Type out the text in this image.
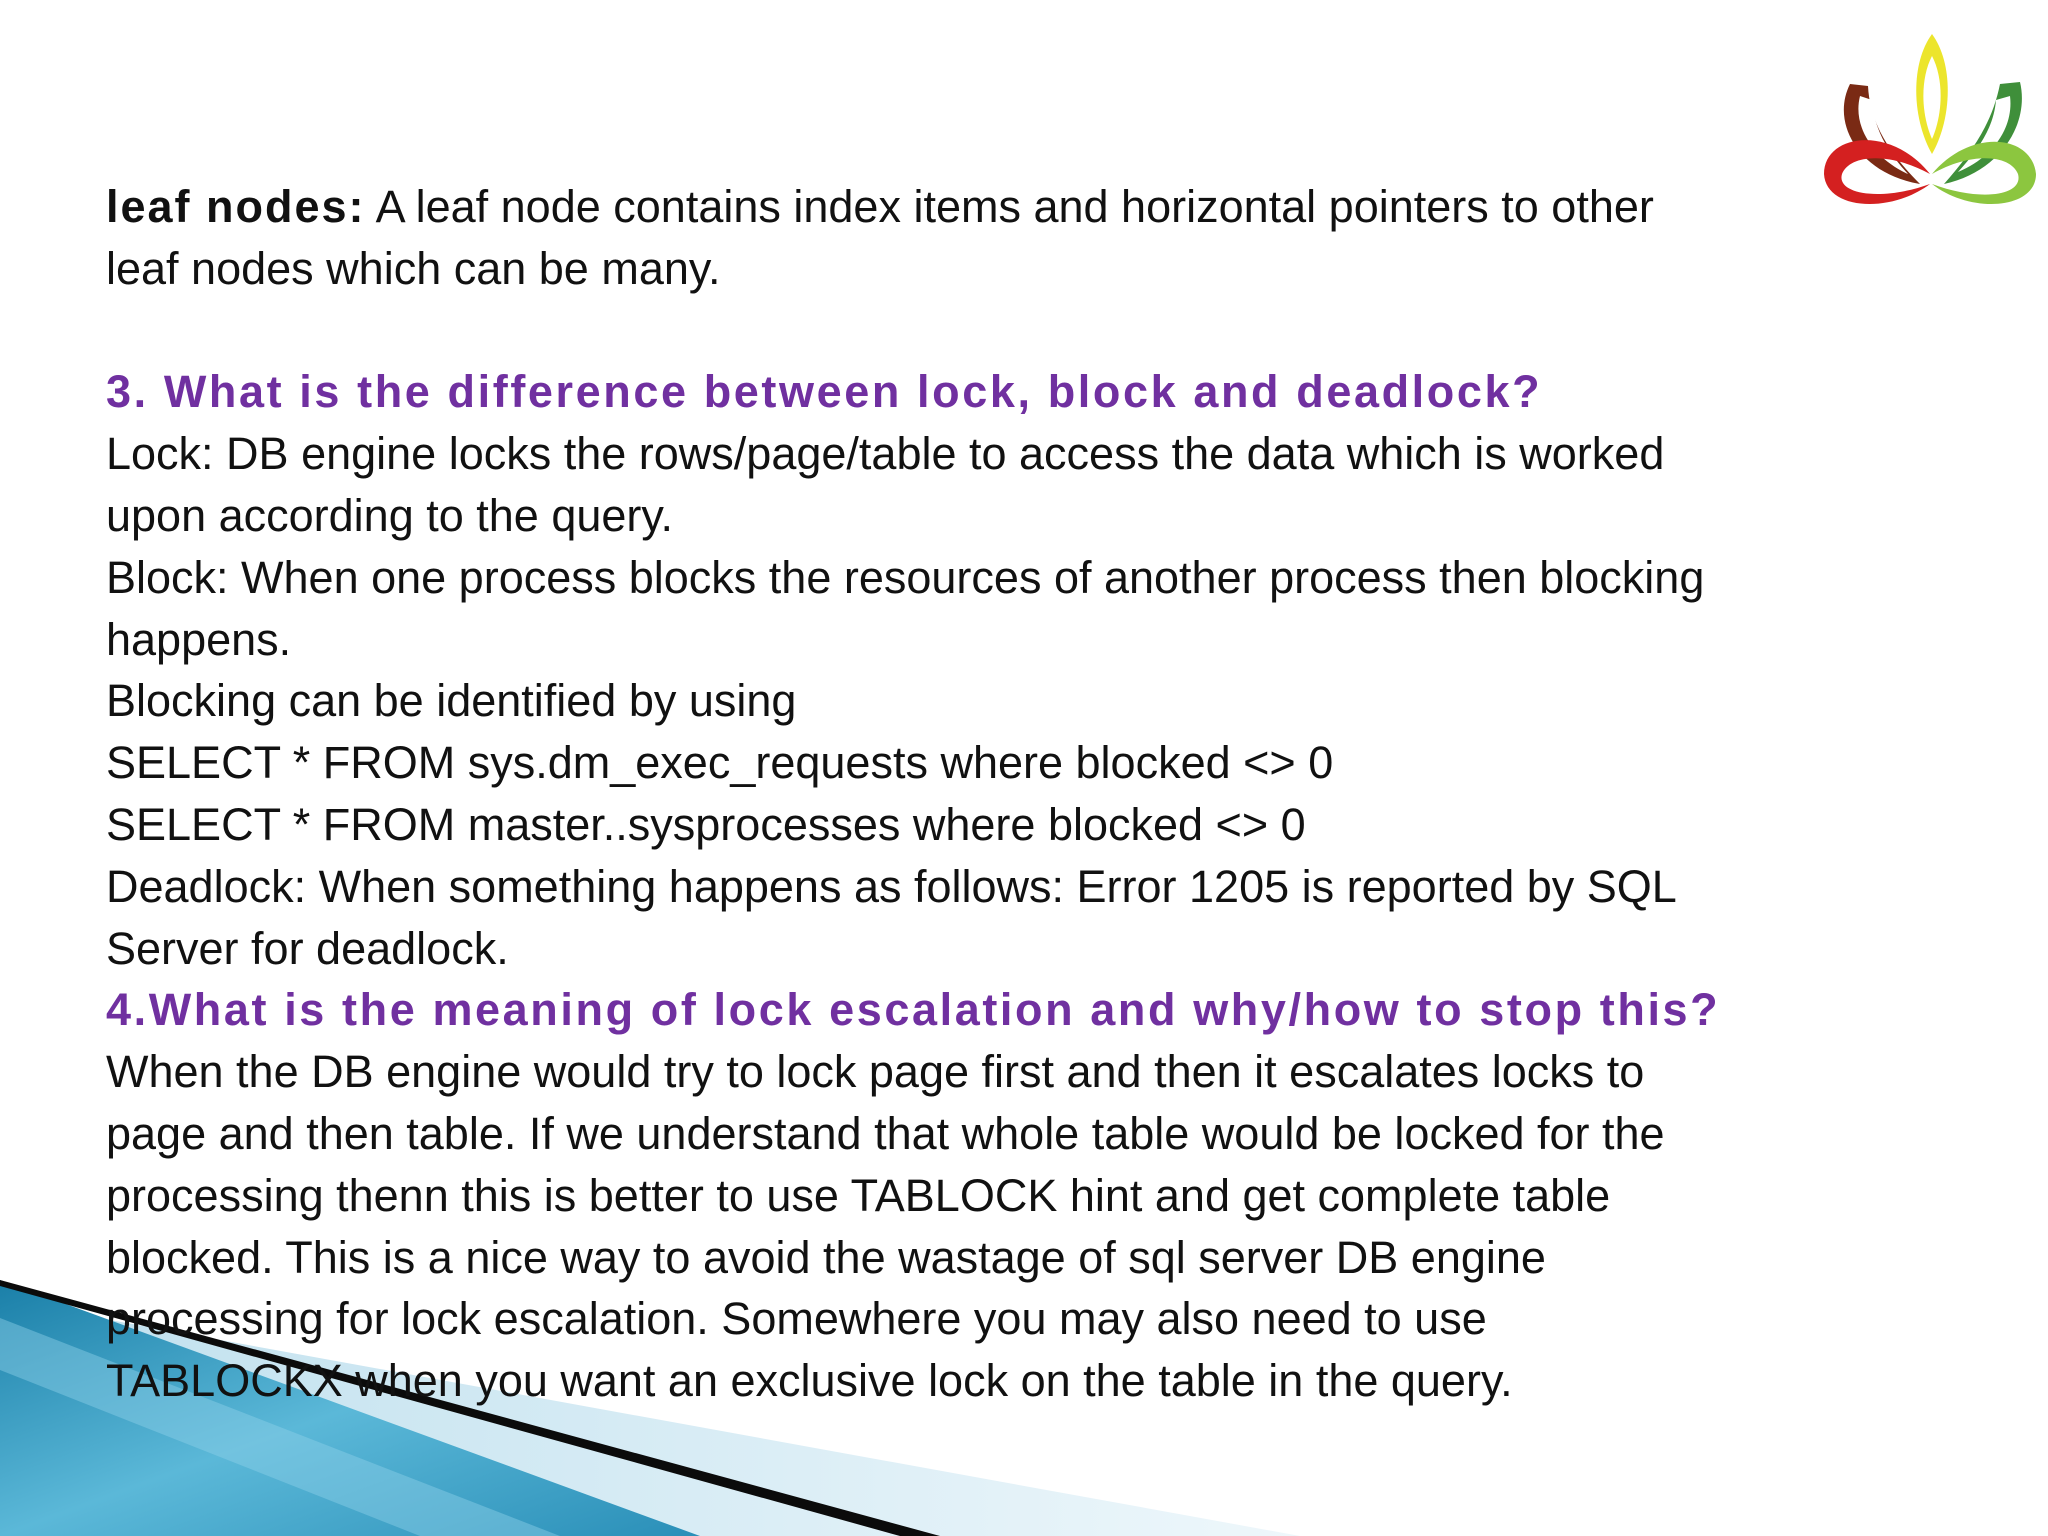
leaf nodes: A leaf node contains index items and horizontal pointers to other
leaf nodes which can be many.
3. What is the difference between lock, block and deadlock?
Lock: DB engine locks the rows/page/table to access the data which is worked
upon according to the query.
Block: When one process blocks the resources of another process then blocking
happens.
Blocking can be identified by using
SELECT * FROM sys.dm_exec_requests where blocked <> 0
SELECT * FROM master..sysprocesses where blocked <> 0
Deadlock: When something happens as follows: Error 1205 is reported by SQL
Server for deadlock.
4.What is the meaning of lock escalation and why/how to stop this?
When the DB engine would try to lock page first and then it escalates locks to
page and then table. If we understand that whole table would be locked for the
processing thenn this is better to use TABLOCK hint and get complete table
blocked. This is a nice way to avoid the wastage of sql server DB engine
processing for lock escalation. Somewhere you may also need to use
TABLOCKX when you want an exclusive lock on the table in the query.
